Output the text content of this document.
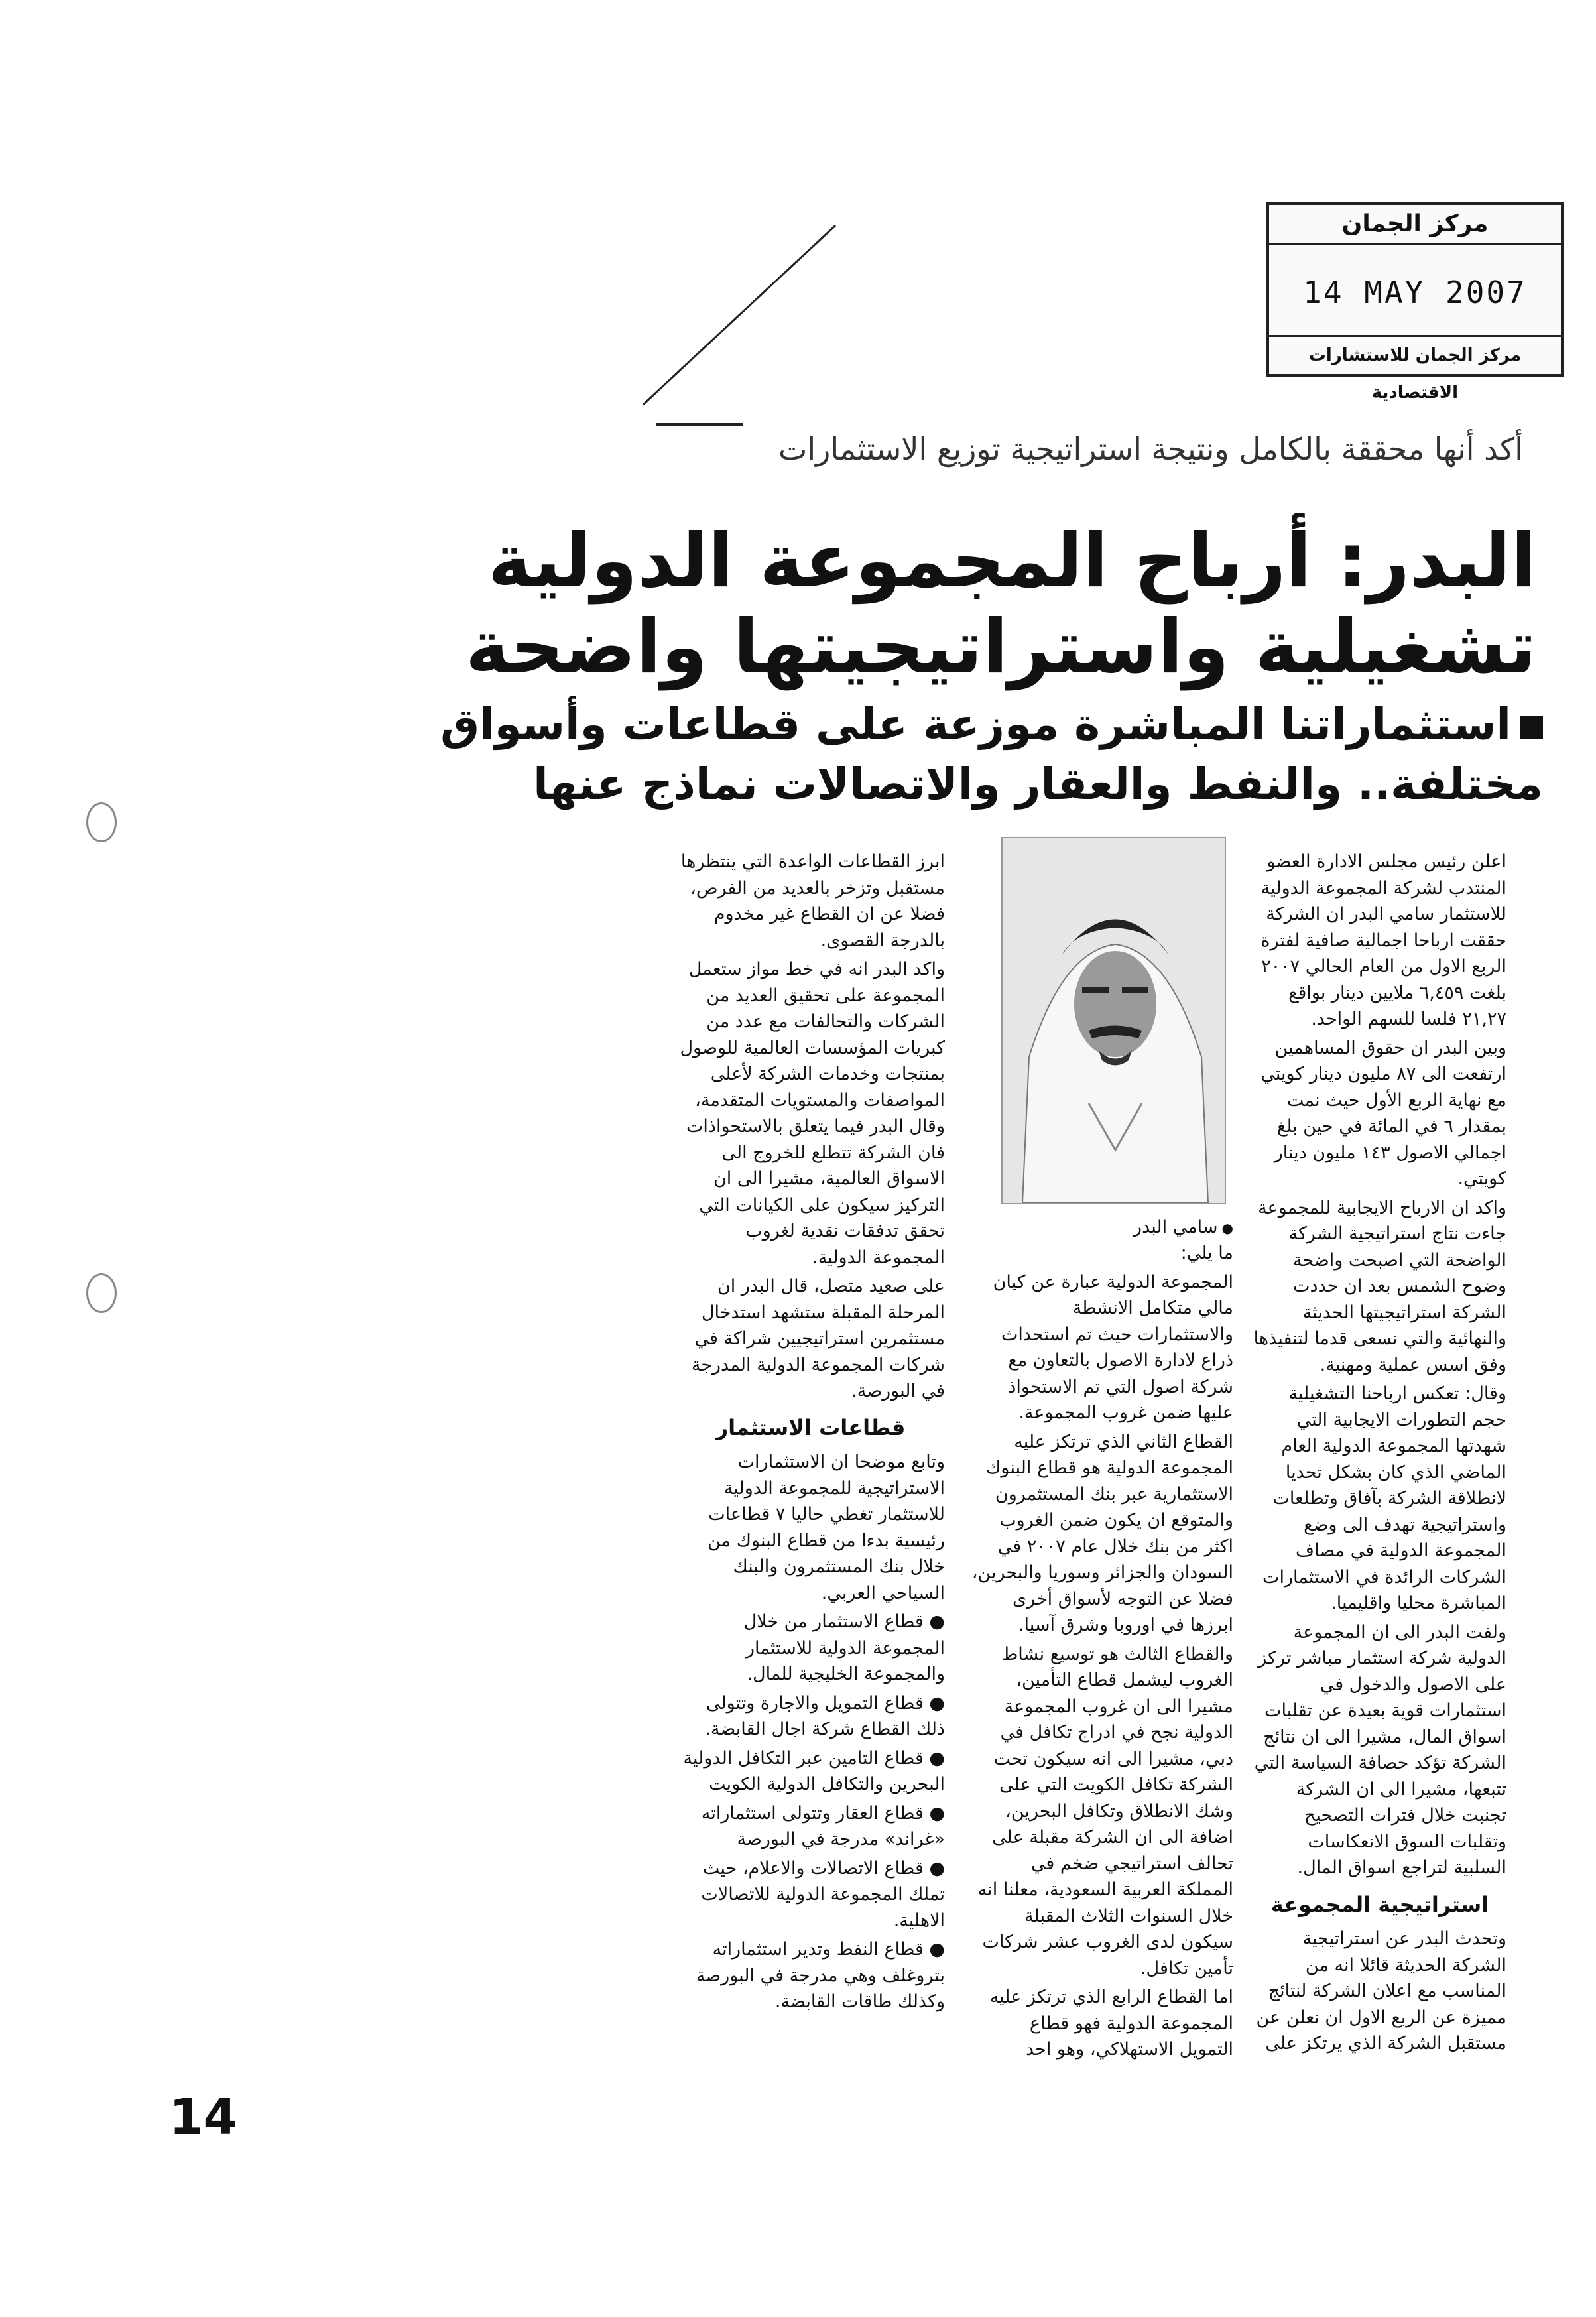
مركز الجمان
14 MAY 2007
مركز الجمان للاستشارات الاقتصادية
أكد أنها محققة بالكامل ونتيجة استراتيجية توزيع الاستثمارات
البدر: أرباح المجموعة الدولية
تشغيلية واستراتيجيتها واضحة
استثماراتنا المباشرة موزعة على قطاعات وأسواق
مختلفة.. والنفط والعقار والاتصالات نماذج عنها
● سامي البدر

اعلن رئيس مجلس الادارة العضو المنتدب لشركة المجموعة الدولية للاستثمار سامي البدر ان الشركة حققت ارباحا اجمالية صافية لفترة الربع الاول من العام الحالي ٢٠٠٧ بلغت ٦,٤٥٩ ملايين دينار بواقع ٢١,٢٧ فلسا للسهم الواحد.

وبين البدر ان حقوق المساهمين ارتفعت الى ٨٧ مليون دينار كويتي مع نهاية الربع الأول حيث نمت بمقدار ٦ في المائة في حين بلغ اجمالي الاصول ١٤٣ مليون دينار كويتي.

واكد ان الارباح الايجابية للمجموعة جاءت نتاج استراتيجية الشركة الواضحة التي اصبحت واضحة وضوح الشمس بعد ان حددت الشركة استراتيجيتها الحديثة والنهائية والتي نسعى قدما لتنفيذها وفق اسس عملية ومهنية.

وقال: تعكس ارباحنا التشغيلية حجم التطورات الايجابية التي شهدتها المجموعة الدولية العام الماضي الذي كان بشكل تحديا لانطلاقة الشركة بآفاق وتطلعات واستراتيجية تهدف الى وضع المجموعة الدولية في مصاف الشركات الرائدة في الاستثمارات المباشرة محليا واقليميا.

ولفت البدر الى ان المجموعة الدولية شركة استثمار مباشر تركز على الاصول والدخول في استثمارات قوية بعيدة عن تقلبات اسواق المال، مشيرا الى ان نتائج الشركة تؤكد حصافة السياسة التي تتبعها، مشيرا الى ان الشركة تجنبت خلال فترات التصحيح وتقلبات السوق الانعكاسات السلبية لتراجع اسواق المال.

استراتيجية المجموعة

وتحدث البدر عن استراتيجية الشركة الحديثة قائلا انه من المناسب مع اعلان الشركة لنتائج مميزة عن الربع الاول ان نعلن عن مستقبل الشركة الذي يرتكز على

ما يلي:

المجموعة الدولية عبارة عن كيان مالي متكامل الانشطة والاستثمارات حيث تم استحداث ذراع لادارة الاصول بالتعاون مع شركة اصول التي تم الاستحواذ عليها ضمن غروب المجموعة.

القطاع الثاني الذي ترتكز عليه المجموعة الدولية هو قطاع البنوك الاستثمارية عبر بنك المستثمرون والمتوقع ان يكون ضمن الغروب اكثر من بنك خلال عام ٢٠٠٧ في السودان والجزائر وسوريا والبحرين، فضلا عن التوجه لأسواق أخرى ابرزها في اوروبا وشرق آسيا.

والقطاع الثالث هو توسيع نشاط الغروب ليشمل قطاع التأمين، مشيرا الى ان غروب المجموعة الدولية نجح في ادراج تكافل في دبي، مشيرا الى انه سيكون تحت الشركة تكافل الكويت التي على وشك الانطلاق وتكافل البحرين، اضافة الى ان الشركة مقبلة على تحالف استراتيجي ضخم في المملكة العربية السعودية، معلنا انه خلال السنوات الثلاث المقبلة سيكون لدى الغروب عشر شركات تأمين تكافل.

اما القطاع الرابع الذي ترتكز عليه المجموعة الدولية فهو قطاع التمويل الاستهلاكي، وهو احد

ابرز القطاعات الواعدة التي ينتظرها مستقبل وتزخر بالعديد من الفرص، فضلا عن ان القطاع غير مخدوم بالدرجة القصوى.

واكد البدر انه في خط مواز ستعمل المجموعة على تحقيق العديد من الشركات والتحالفات مع عدد من كبريات المؤسسات العالمية للوصول بمنتجات وخدمات الشركة لأعلى المواصفات والمستويات المتقدمة، وقال البدر فيما يتعلق بالاستحواذات فان الشركة تتطلع للخروج الى الاسواق العالمية، مشيرا الى ان التركيز سيكون على الكيانات التي تحقق تدفقات نقدية لغروب المجموعة الدولية.

على صعيد متصل، قال البدر ان المرحلة المقبلة ستشهد استدخال مستثمرين استراتيجيين شراكة في شركات المجموعة الدولية المدرجة في البورصة.

قطاعات الاستثمار

وتابع موضحا ان الاستثمارات الاستراتيجية للمجموعة الدولية للاستثمار تغطي حاليا ٧ قطاعات رئيسية بدءا من قطاع البنوك من خلال بنك المستثمرون والبنك السياحي العربي.

● قطاع الاستثمار من خلال المجموعة الدولية للاستثمار والمجموعة الخليجية للمال.

● قطاع التمويل والاجارة وتتولى ذلك القطاع شركة اجال القابضة.

● قطاع التامين عبر التكافل الدولية البحرين والتكافل الدولية الكويت

● قطاع العقار وتتولى استثماراته «غراند» مدرجة في البورصة

● قطاع الاتصالات والاعلام، حيث تملك المجموعة الدولية للاتصالات الاهلية.

● قطاع النفط وتدير استثماراته بتروغلف وهي مدرجة في البورصة وكذلك طاقات القابضة.

14
